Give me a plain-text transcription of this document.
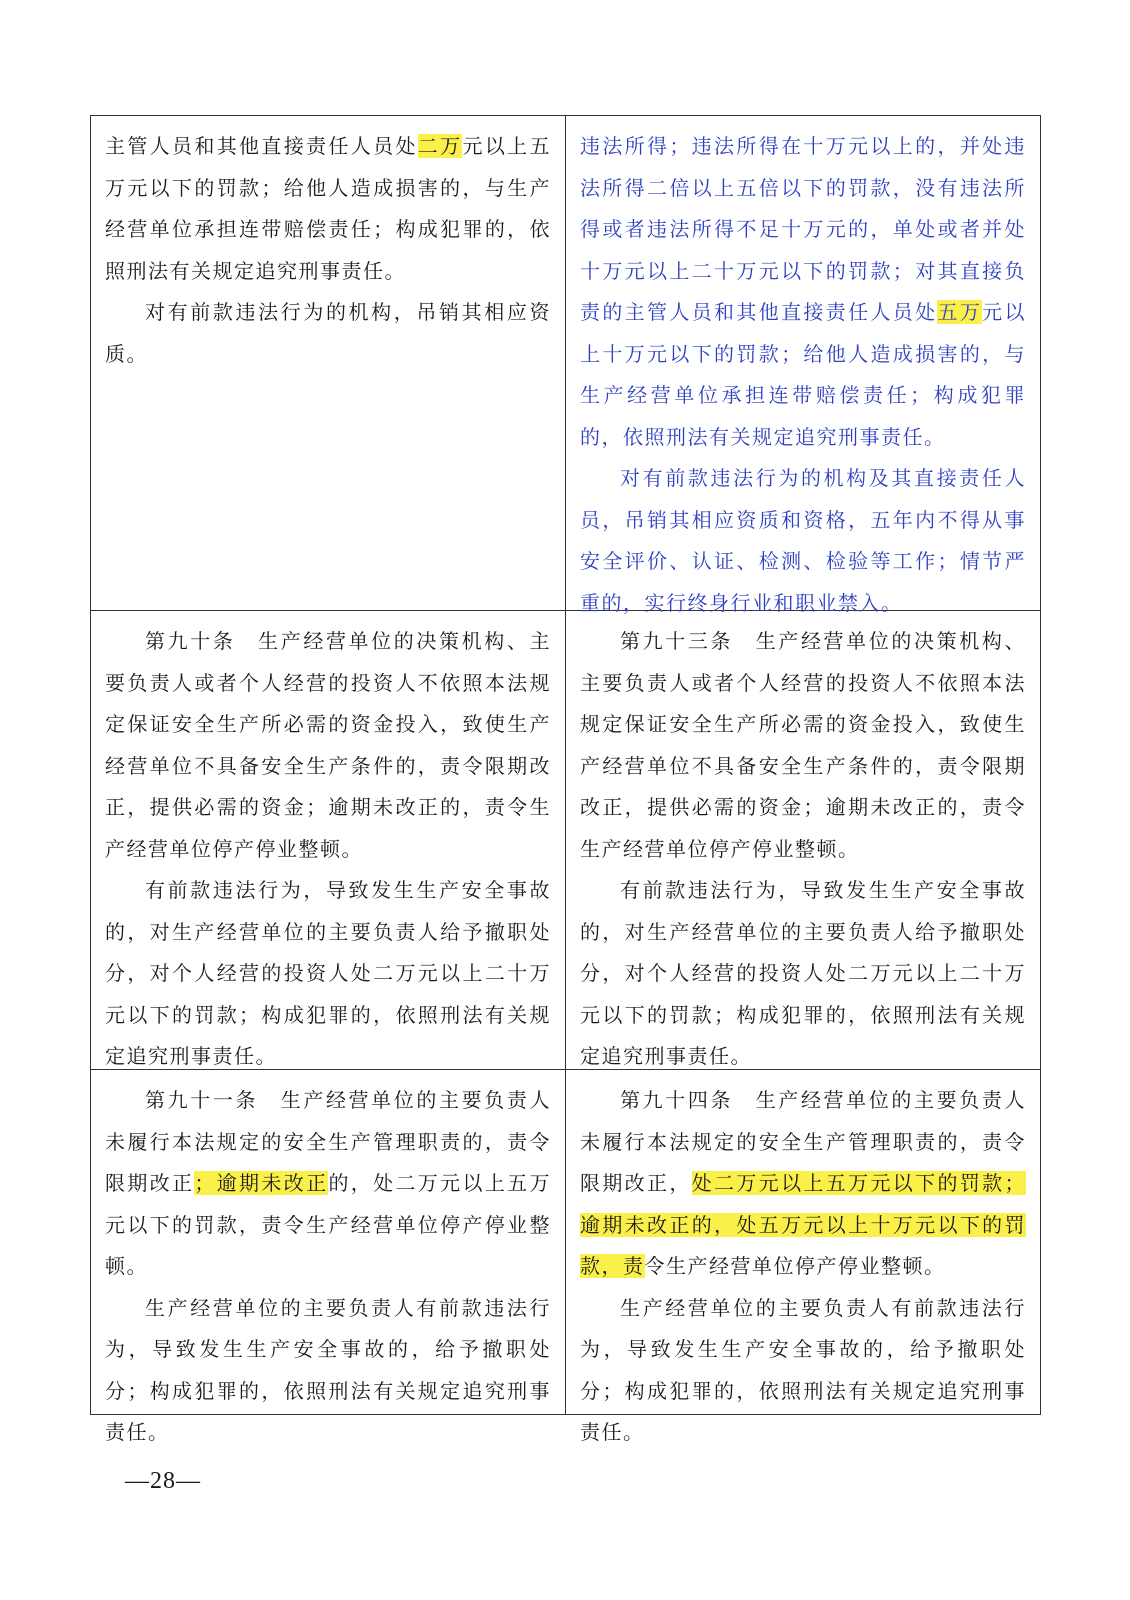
主管人员和其他直接责任人员处二万元以上五万元以下的罚款；给他人造成损害的，与生产经营单位承担连带赔偿责任；构成犯罪的，依照刑法有关规定追究刑事责任。

对有前款违法行为的机构，吊销其相应资质。

违法所得；违法所得在十万元以上的，并处违法所得二倍以上五倍以下的罚款，没有违法所得或者违法所得不足十万元的，单处或者并处十万元以上二十万元以下的罚款；对其直接负责的主管人员和其他直接责任人员处五万元以上十万元以下的罚款；给他人造成损害的，与生产经营单位承担连带赔偿责任；构成犯罪的，依照刑法有关规定追究刑事责任。

对有前款违法行为的机构及其直接责任人员，吊销其相应资质和资格，五年内不得从事安全评价、认证、检测、检验等工作；情节严重的，实行终身行业和职业禁入。

第九十条　生产经营单位的决策机构、主要负责人或者个人经营的投资人不依照本法规定保证安全生产所必需的资金投入，致使生产经营单位不具备安全生产条件的，责令限期改正，提供必需的资金；逾期未改正的，责令生产经营单位停产停业整顿。

有前款违法行为，导致发生生产安全事故的，对生产经营单位的主要负责人给予撤职处分，对个人经营的投资人处二万元以上二十万元以下的罚款；构成犯罪的，依照刑法有关规定追究刑事责任。

第九十三条　生产经营单位的决策机构、主要负责人或者个人经营的投资人不依照本法规定保证安全生产所必需的资金投入，致使生产经营单位不具备安全生产条件的，责令限期改正，提供必需的资金；逾期未改正的，责令生产经营单位停产停业整顿。

有前款违法行为，导致发生生产安全事故的，对生产经营单位的主要负责人给予撤职处分，对个人经营的投资人处二万元以上二十万元以下的罚款；构成犯罪的，依照刑法有关规定追究刑事责任。

第九十一条　生产经营单位的主要负责人未履行本法规定的安全生产管理职责的，责令限期改正；逾期未改正的，处二万元以上五万元以下的罚款，责令生产经营单位停产停业整顿。

生产经营单位的主要负责人有前款违法行为，导致发生生产安全事故的，给予撤职处分；构成犯罪的，依照刑法有关规定追究刑事责任。

第九十四条　生产经营单位的主要负责人未履行本法规定的安全生产管理职责的，责令限期改正，处二万元以上五万元以下的罚款；逾期未改正的，处五万元以上十万元以下的罚款，责令生产经营单位停产停业整顿。

生产经营单位的主要负责人有前款违法行为，导致发生生产安全事故的，给予撤职处分；构成犯罪的，依照刑法有关规定追究刑事责任。

—28—
